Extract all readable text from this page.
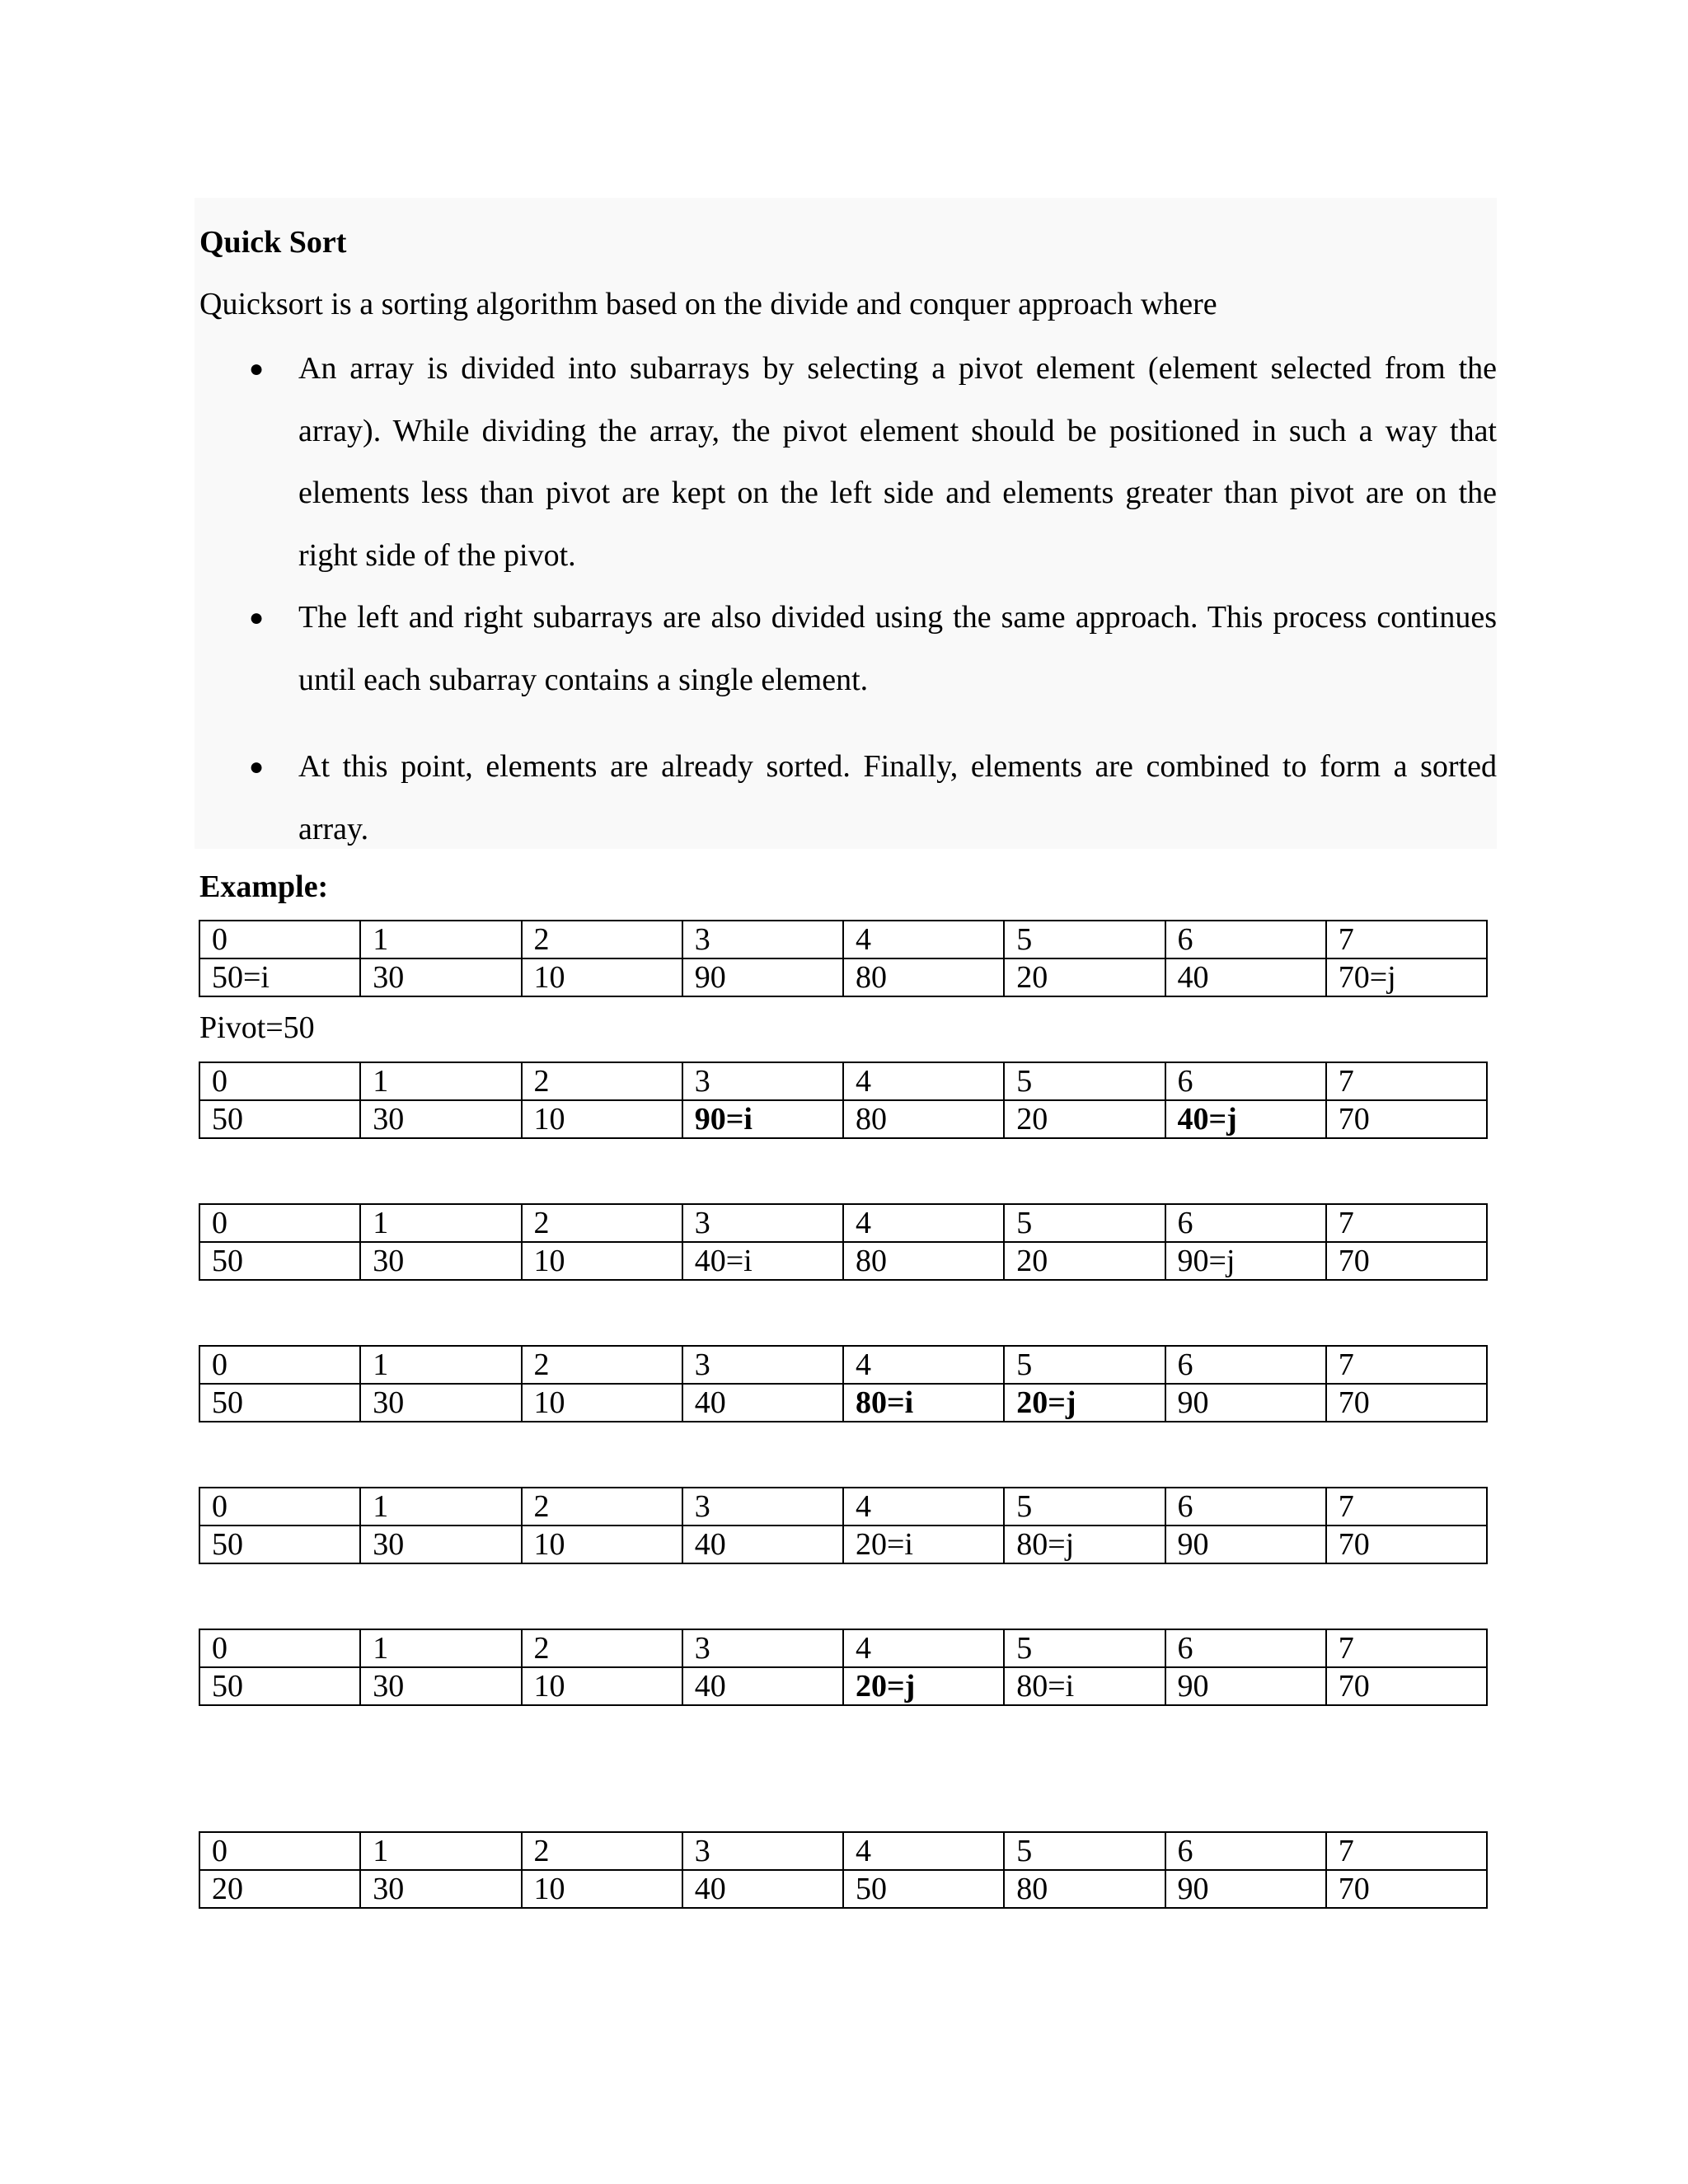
Quick Sort

Quicksort is a sorting algorithm based on the divide and conquer approach where

● An array is divided into subarrays by selecting a pivot element (element selected from the array). While dividing the array, the pivot element should be positioned in such a way that elements less than pivot are kept on the left side and elements greater than pivot are on the right side of the pivot.
● The left and right subarrays are also divided using the same approach. This process continues until each subarray contains a single element.
● At this point, elements are already sorted. Finally, elements are combined to form a sorted array.

Example:

Pivot=50

0	1	2	3	4	5	6	7
50=i	30	10	90	80	20	40	70=j
0	1	2	3	4	5	6	7
50	30	10	90=i	80	20	40=j	70
0	1	2	3	4	5	6	7
50	30	10	40=i	80	20	90=j	70
0	1	2	3	4	5	6	7
50	30	10	40	80=i	20=j	90	70
0	1	2	3	4	5	6	7
50	30	10	40	20=i	80=j	90	70
0	1	2	3	4	5	6	7
50	30	10	40	20=j	80=i	90	70
0	1	2	3	4	5	6	7
20	30	10	40	50	80	90	70
